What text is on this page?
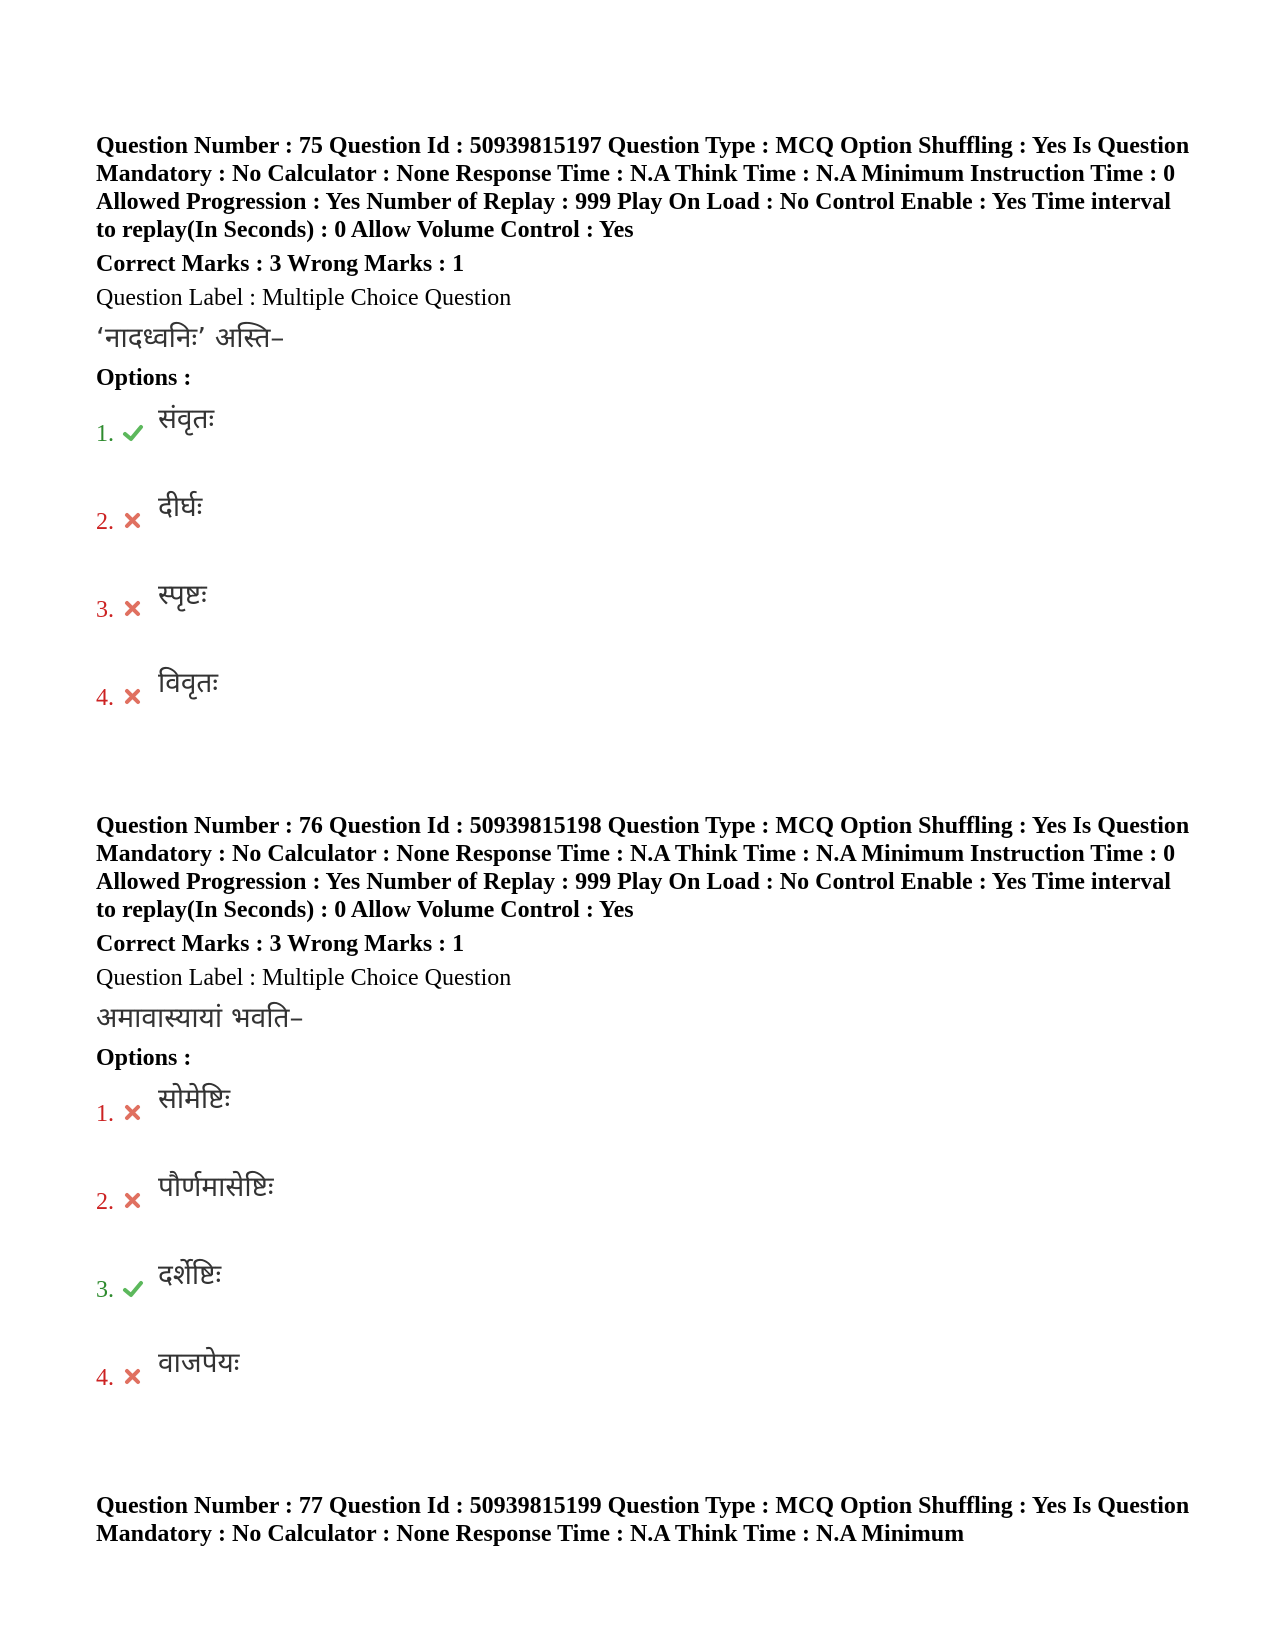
Question Number : 75 Question Id : 50939815197 Question Type : MCQ Option Shuffling : Yes Is Question Mandatory : No Calculator : None Response Time : N.A Think Time : N.A Minimum Instruction Time : 0 Allowed Progression : Yes Number of Replay : 999 Play On Load : No Control Enable : Yes Time interval to replay(In Seconds) : 0 Allow Volume Control : Yes

Correct Marks : 3 Wrong Marks : 1
Question Label : Multiple Choice Question
‘नादध्वनिः’ अस्ति–
Options :
1. संवृतः
2. दीर्घः
3. स्पृष्टः
4. विवृतः

Question Number : 76 Question Id : 50939815198 Question Type : MCQ Option Shuffling : Yes Is Question Mandatory : No Calculator : None Response Time : N.A Think Time : N.A Minimum Instruction Time : 0 Allowed Progression : Yes Number of Replay : 999 Play On Load : No Control Enable : Yes Time interval to replay(In Seconds) : 0 Allow Volume Control : Yes

Correct Marks : 3 Wrong Marks : 1
Question Label : Multiple Choice Question
अमावास्यायां भवति–
Options :
1. सोमेष्टिः
2. पौर्णमासेष्टिः
3. दर्शेष्टिः
4. वाजपेयः

Question Number : 77 Question Id : 50939815199 Question Type : MCQ Option Shuffling : Yes Is Question Mandatory : No Calculator : None Response Time : N.A Think Time : N.A Minimum
